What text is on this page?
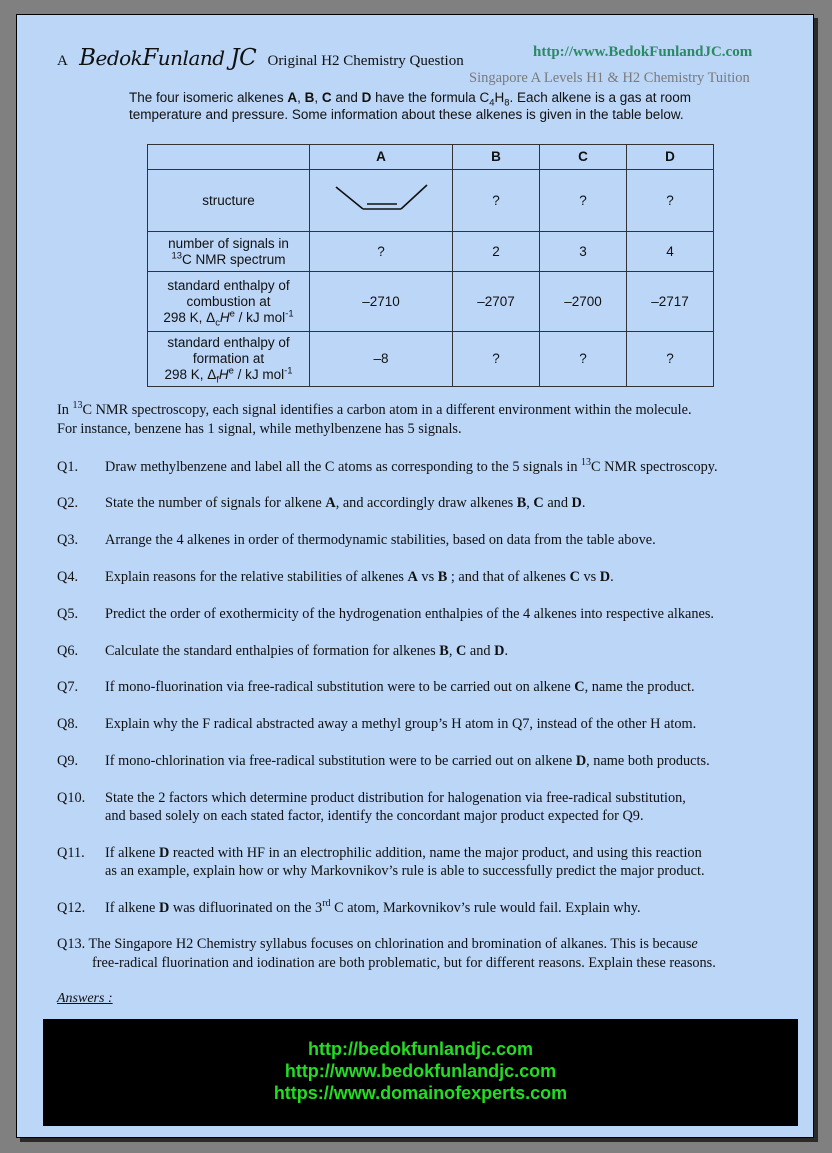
A BedokFunland JC Original H2 Chemistry Question
http://www.BedokFunlandJC.com
Singapore A Levels H1 & H2 Chemistry Tuition
The four isomeric alkenes A, B, C and D have the formula $C_4H_8$. Each alkene is a gas at room temperature and pressure. Some information about these alkenes is given in the table below.
	A	B	C	D
structure		?	?	?
number of signals in
$^{13}$C NMR spectrum	?	2	3	4
standard enthalpy of
combustion at
298 K, $\Delta_cH^e$ / kJ mol$^{-1}$	–2710	–2707	–2700	–2717
standard enthalpy of
formation at
298 K, $\Delta_fH^e$ / kJ mol$^{-1}$	–8	?	?	?
In $^{13}$C NMR spectroscopy, each signal identifies a carbon atom in a different environment within the molecule.
For instance, benzene has 1 signal, while methylbenzene has 5 signals.
Q1. Draw methylbenzene and label all the C atoms as corresponding to the 5 signals in $^{13}$C NMR spectroscopy.
Q2. State the number of signals for alkene A, and accordingly draw alkenes B, C and D.
Q3. Arrange the 4 alkenes in order of thermodynamic stabilities, based on data from the table above.
Q4. Explain reasons for the relative stabilities of alkenes A vs B ; and that of alkenes C vs D.
Q5. Predict the order of exothermicity of the hydrogenation enthalpies of the 4 alkenes into respective alkanes.
Q6. Calculate the standard enthalpies of formation for alkenes B, C and D.
Q7. If mono-fluorination via free-radical substitution were to be carried out on alkene C, name the product.
Q8. Explain why the F radical abstracted away a methyl group’s H atom in Q7, instead of the other H atom.
Q9. If mono-chlorination via free-radical substitution were to be carried out on alkene D, name both products.
Q10. State the 2 factors which determine product distribution for halogenation via free-radical substitution,
and based solely on each stated factor, identify the concordant major product expected for Q9.
Q11. If alkene D reacted with HF in an electrophilic addition, name the major product, and using this reaction
as an example, explain how or why Markovnikov’s rule is able to successfully predict the major product.
Q12. If alkene D was difluorinated on the 3rd C atom, Markovnikov’s rule would fail. Explain why.
Q13. The Singapore H2 Chemistry syllabus focuses on chlorination and bromination of alkanes. This is because
free-radical fluorination and iodination are both problematic, but for different reasons. Explain these reasons.
Answers :
http://bedokfunlandjc.com
http://www.bedokfunlandjc.com
https://www.domainofexperts.com
